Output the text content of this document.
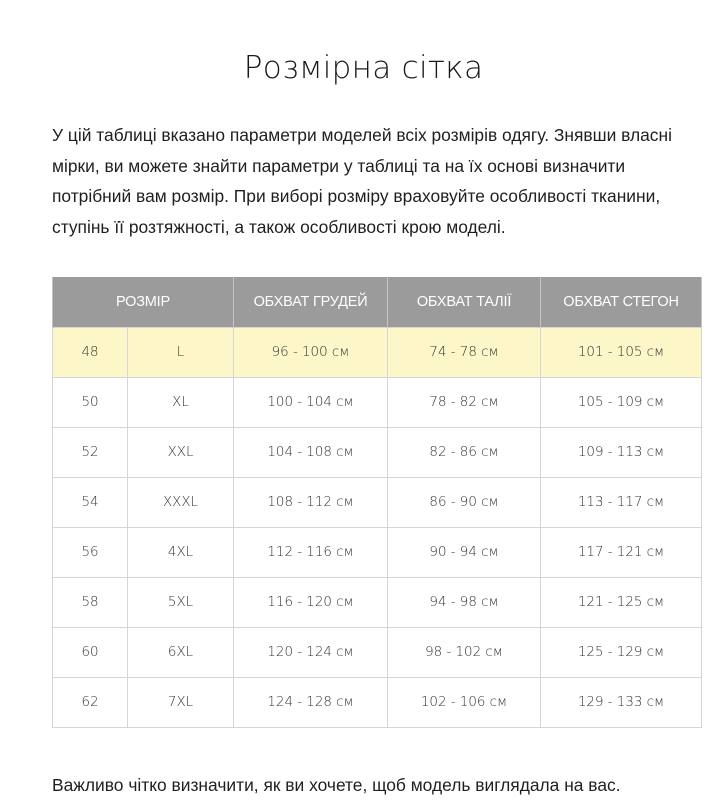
Розмірна сітка

У цій таблиці вказано параметри моделей всіх розмірів одягу. Знявши власні мірки, ви можете знайти параметри у таблиці та на їх основі визначити потрібний вам розмір. При виборі розміру враховуйте особливості тканини, ступінь її розтяжності, а також особливості крою моделі.

РОЗМІР		ОБХВАТ ГРУДЕЙ	ОБХВАТ ТАЛІЇ	ОБХВАТ СТЕГОН
48	L	96 - 100 см	74 - 78 см	101 - 105 см
50	XL	100 - 104 см	78 - 82 см	105 - 109 см
52	XXL	104 - 108 см	82 - 86 см	109 - 113 см
54	XXXL	108 - 112 см	86 - 90 см	113 - 117 см
56	4XL	112 - 116 см	90 - 94 см	117 - 121 см
58	5XL	116 - 120 см	94 - 98 см	121 - 125 см
60	6XL	120 - 124 см	98 - 102 см	125 - 129 см
62	7XL	124 - 128 см	102 - 106 см	129 - 133 см

Важливо чітко визначити, як ви хочете, щоб модель виглядала на вас.
